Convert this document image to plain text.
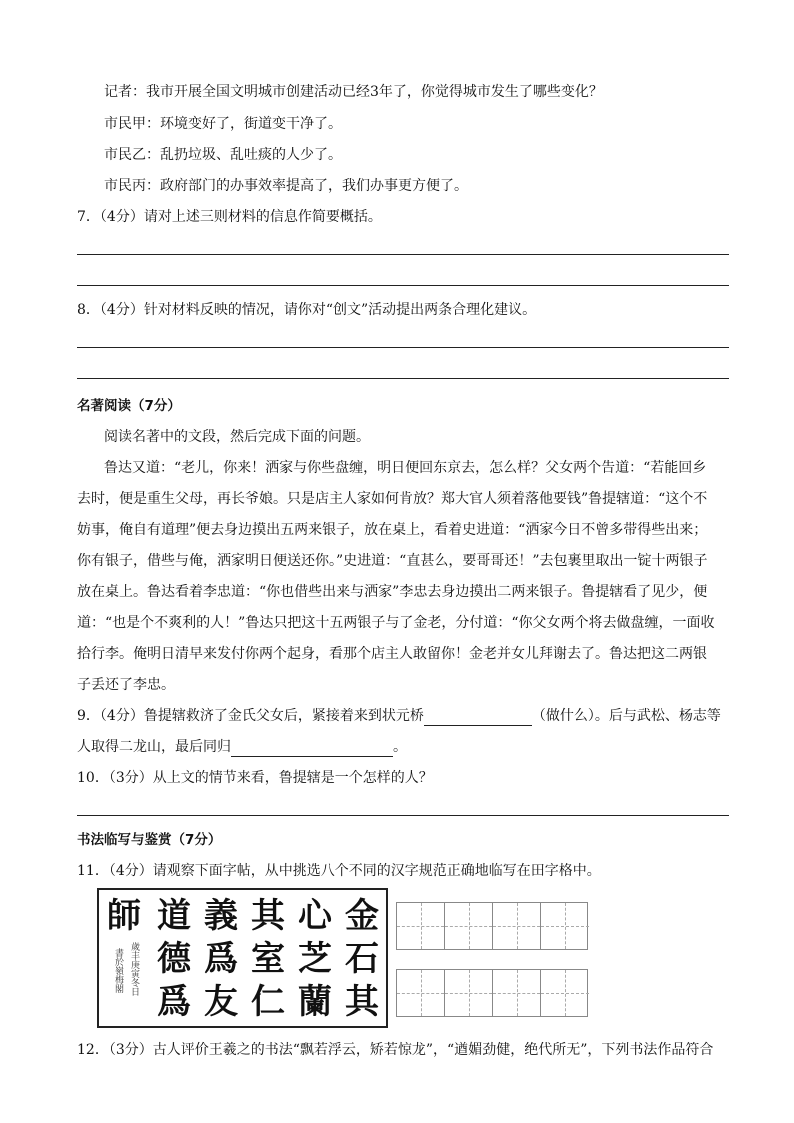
记者：我市开展全国文明城市创建活动已经3年了，你觉得城市发生了哪些变化？
市民甲：环境变好了，街道变干净了。
市民乙：乱扔垃圾、乱吐痰的人少了。
市民丙：政府部门的办事效率提高了，我们办事更方便了。
7．（4分）请对上述三则材料的信息作简要概括。
8．（4分）针对材料反映的情况，请你对“创文”活动提出两条合理化建议。
名著阅读（7分）
阅读名著中的文段，然后完成下面的问题。
鲁达又道：“老儿，你来！洒家与你些盘缠，明日便回东京去，怎么样？父女两个告道：“若能回乡
去时，便是重生父母，再长爷娘。只是店主人家如何肯放？郑大官人须着落他要钱”鲁提辖道：“这个不
妨事，俺自有道理”便去身边摸出五两来银子，放在桌上，看着史进道：“洒家今日不曾多带得些出来；
你有银子，借些与俺，洒家明日便送还你。”史进道：“直甚么，要哥哥还！”去包裹里取出一锭十两银子
放在桌上。鲁达看着李忠道：“你也借些出来与洒家”李忠去身边摸出二两来银子。鲁提辖看了见少，便
道：“也是个不爽利的人！”鲁达只把这十五两银子与了金老，分付道：“你父女两个将去做盘缠，一面收
拾行李。俺明日清早来发付你两个起身，看那个店主人敢留你！金老并女儿拜谢去了。鲁达把这二两银
子丢还了李忠。
9．（4分）鲁提辖救济了金氏父女后，紧接着来到状元桥	（做什么）。后与武松、杨志等
人取得二龙山，最后同归	。
10．（3分）从上文的情节来看，鲁提辖是一个怎样的人？
书法临写与鉴赏（7分）
11．（4分）请观察下面字帖，从中挑选八个不同的汉字规范正确地临写在田字格中。
金
石
其
心
芝
蘭
其
室
仁
義
爲
友
道
德
爲
師
歲丰庚寅冬日
書於嶺梅閣
12．（3分）古人评价王羲之的书法“飘若浮云，矫若惊龙”，“遒媚劲健，绝代所无”，下列书法作品符合
